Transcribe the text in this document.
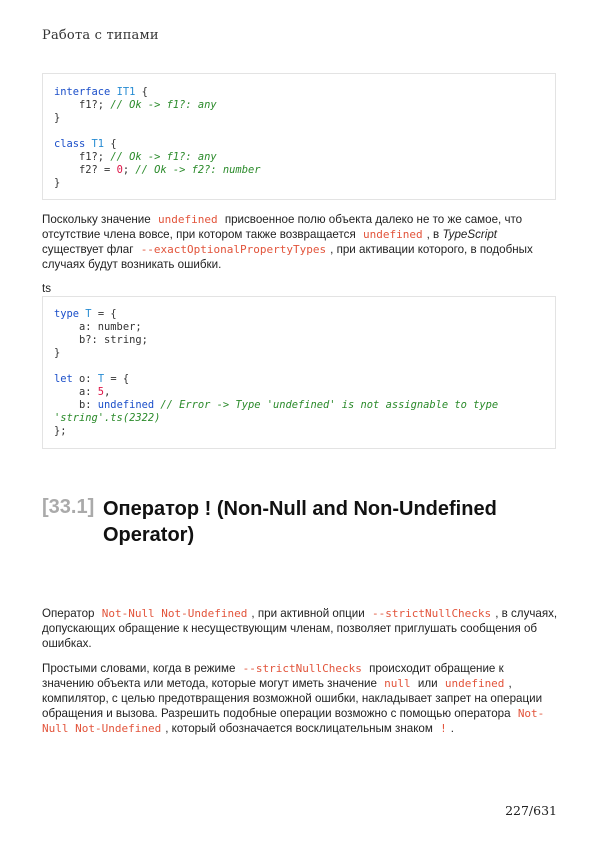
Работа с типами
interface IT1 {
f1?; // Ok -> f1?: any
}

class T1 {
f1?; // Ok -> f1?: any
f2? = 0; // Ok -> f2?: number
}
Поскольку значение undefined присвоенное полю объекта далеко не то же самое, что отсутствие члена вовсе, при котором также возвращается undefined , в TypeScript существует флаг --exactOptionalPropertyTypes , при активации которого, в подобных случаях будут возникать ошибки.
ts
type T = {
a: number;
b?: string;
}

let o: T = {
a: 5,
b: undefined // Error -> Type 'undefined' is not assignable to type
'string'.ts(2322)
};
[33.1] Оператор ! (Non-Null and Non-Undefined Operator)
Оператор Not-Null Not-Undefined , при активной опции --strictNullChecks , в случаях, допускающих обращение к несуществующим членам, позволяет приглушать сообщения об ошибках.
Простыми словами, когда в режиме --strictNullChecks происходит обращение к значению объекта или метода, которые могут иметь значение null или undefined , компилятор, с целью предотвращения возможной ошибки, накладывает запрет на операции обращения и вызова. Разрешить подобные операции возможно с помощью оператора Not-Null Not-Undefined , который обозначается восклицательным знаком ! .
227/631
